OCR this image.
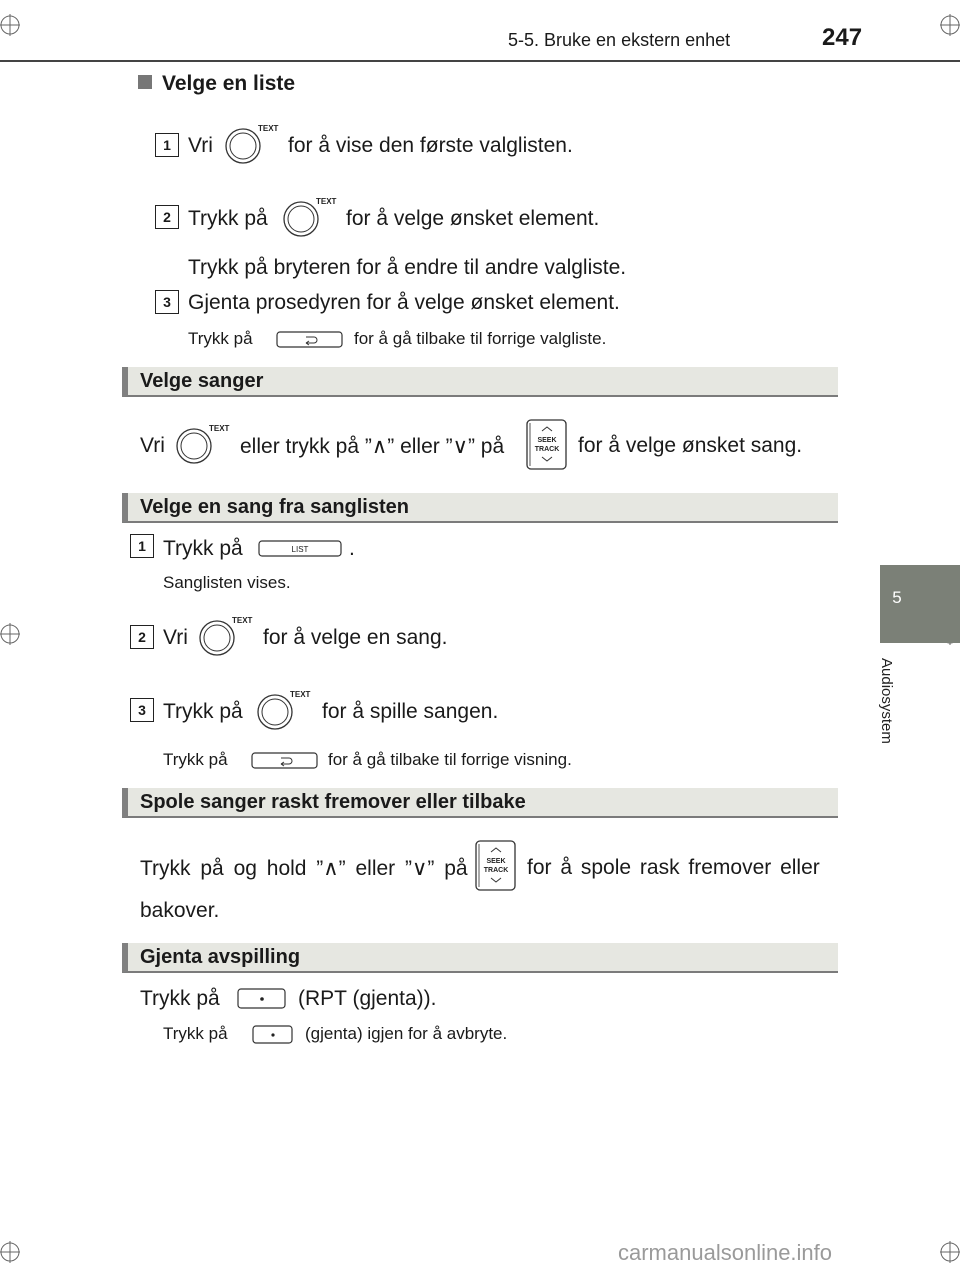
5-5. Bruke en ekstern enhet	247
5
Audiosystem
Velge en liste
1 Vri
TEXT
for å vise den første valglisten.
2 Trykk på
TEXT
for å velge ønsket element.
Trykk på bryteren for å endre til andre valgliste.
3 Gjenta prosedyren for å velge ønsket element.
Trykk på	for å gå tilbake til forrige valgliste.
Velge sanger
Vri
TEXT
eller trykk på ”∧” eller ”∨” på	SEEK
TRACK for å velge ønsket sang.
Velge en sang fra sanglisten
1 Trykk på	LIST .
Sanglisten vises.
2 Vri
TEXT
for å velge en sang.
3 Trykk på
TEXT
for å spille sangen.
Trykk på	for å gå tilbake til forrige visning.
Spole sanger raskt fremover eller tilbake
Trykk på og hold ”∧” eller ”∨” på	SEEK
TRACK for å spole rask fremover eller
bakover.
Gjenta avspilling
Trykk på	(RPT (gjenta)).
Trykk på	(gjenta) igjen for å avbryte.
carmanualsonline.info
